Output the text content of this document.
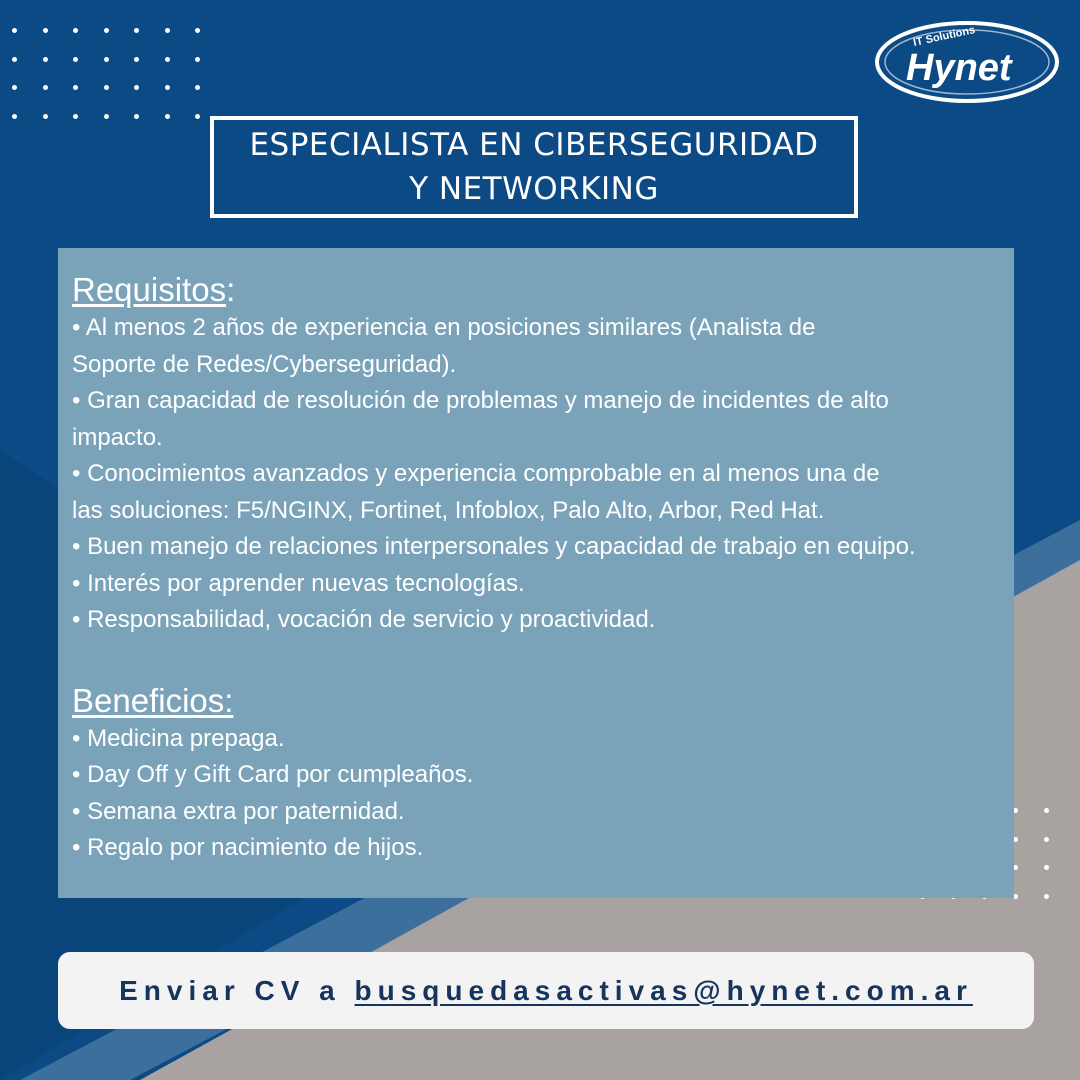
IT Solutions
Hynet
ESPECIALISTA EN CIBERSEGURIDAD
Y NETWORKING

Requisitos:

• Al menos 2 años de experiencia en posiciones similares (Analista de
Soporte de Redes/Cyberseguridad).
• Gran capacidad de resolución de problemas y manejo de incidentes de alto
impacto.
• Conocimientos avanzados y experiencia comprobable en al menos una de
las soluciones: F5/NGINX, Fortinet, Infoblox, Palo Alto, Arbor, Red Hat.
• Buen manejo de relaciones interpersonales y capacidad de trabajo en equipo.
• Interés por aprender nuevas tecnologías.
• Responsabilidad, vocación de servicio y proactividad.

Beneficios:

• Medicina prepaga.
• Day Off y Gift Card por cumpleaños.
• Semana extra por paternidad.
• Regalo por nacimiento de hijos.
Enviar CV a busquedasactivas@hynet.com.ar
